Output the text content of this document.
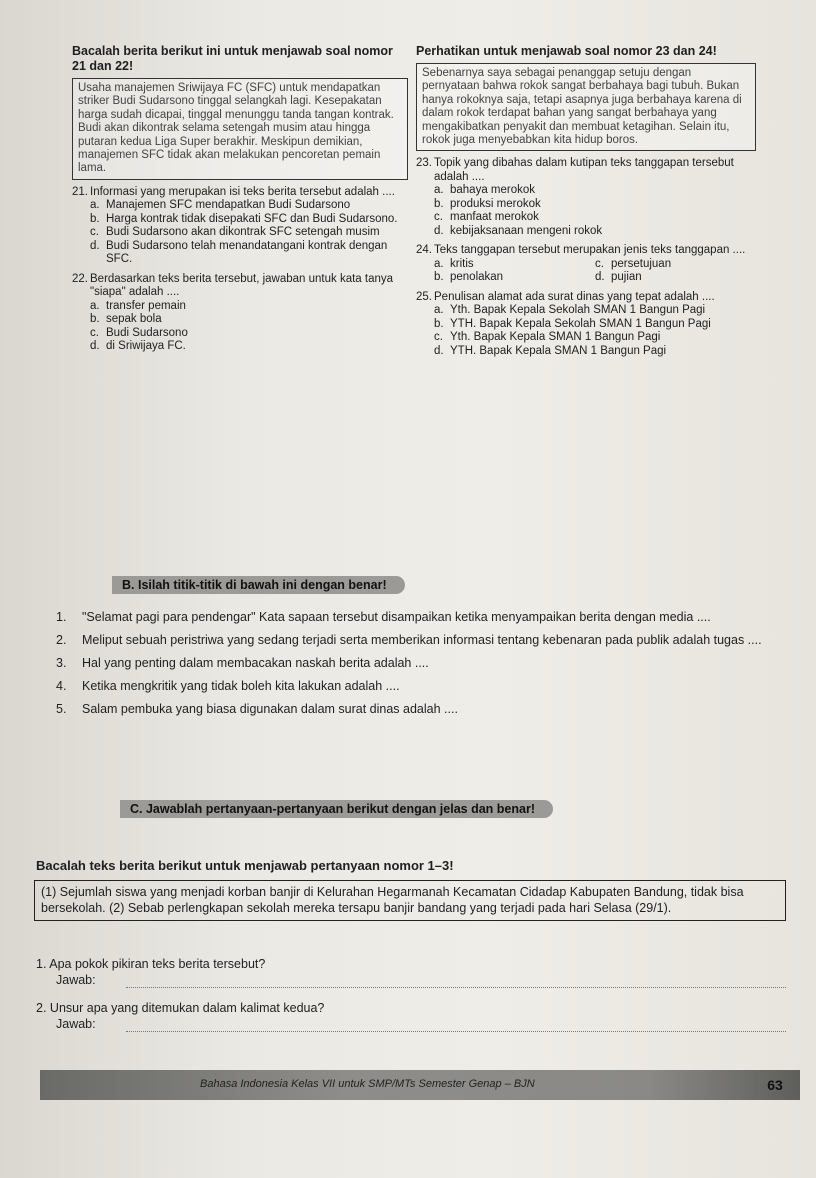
Bacalah berita berikut ini untuk menjawab soal nomor 21 dan 22!

Usaha manajemen Sriwijaya FC (SFC) untuk mendapatkan striker Budi Sudarsono tinggal selangkah lagi. Kesepakatan harga sudah dicapai, tinggal menunggu tanda tangan kontrak. Budi akan dikontrak selama setengah musim atau hingga putaran kedua Liga Super berakhir. Meskipun demikian, manajemen SFC tidak akan melakukan pencoretan pemain lama.
21. Informasi yang merupakan isi teks berita tersebut adalah ....
a. Manajemen SFC mendapatkan Budi Sudarsono
b. Harga kontrak tidak disepakati SFC dan Budi Sudarsono.
c. Budi Sudarsono akan dikontrak SFC setengah musim
d. Budi Sudarsono telah menandatangani kontrak dengan SFC.
22. Berdasarkan teks berita tersebut, jawaban untuk kata tanya "siapa" adalah ....
a. transfer pemain
b. sepak bola
c. Budi Sudarsono
d. di Sriwijaya FC.

Perhatikan untuk menjawab soal nomor 23 dan 24!

Sebenarnya saya sebagai penanggap setuju dengan pernyataan bahwa rokok sangat berbahaya bagi tubuh. Bukan hanya rokoknya saja, tetapi asapnya juga berbahaya karena di dalam rokok terdapat bahan yang sangat berbahaya yang mengakibatkan penyakit dan membuat ketagihan. Selain itu, rokok juga menyebabkan kita hidup boros.
23. Topik yang dibahas dalam kutipan teks tanggapan tersebut adalah ....
a. bahaya merokok
b. produksi merokok
c. manfaat merokok
d. kebijaksanaan mengeni rokok
24. Teks tanggapan tersebut merupakan jenis teks tanggapan ....
a. kritis	c. persetujuan
b. penolakan	d. pujian
25. Penulisan alamat ada surat dinas yang tepat adalah ....
a. Yth. Bapak Kepala Sekolah SMAN 1 Bangun Pagi
b. YTH. Bapak Kepala Sekolah SMAN 1 Bangun Pagi
c. Yth. Bapak Kepala SMAN 1 Bangun Pagi
d. YTH. Bapak Kepala SMAN 1 Bangun Pagi
B. Isilah titik-titik di bawah ini dengan benar!
1.	"Selamat pagi para pendengar" Kata sapaan tersebut disampaikan ketika menyampaikan berita dengan media ....
2.	Meliput sebuah peristriwa yang sedang terjadi serta memberikan informasi tentang kebenaran pada publik adalah tugas ....
3.	Hal yang penting dalam membacakan naskah berita adalah ....
4.	Ketika mengkritik yang tidak boleh kita lakukan adalah ....
5.	Salam pembuka yang biasa digunakan dalam surat dinas adalah ....
C. Jawablah pertanyaan-pertanyaan berikut dengan jelas dan benar!
Bacalah teks berita berikut untuk menjawab pertanyaan nomor 1–3!
(1) Sejumlah siswa yang menjadi korban banjir di Kelurahan Hegarmanah Kecamatan Cidadap Kabupaten Bandung, tidak bisa bersekolah. (2) Sebab perlengkapan sekolah mereka tersapu banjir bandang yang terjadi pada hari Selasa (29/1).
1. Apa pokok pikiran teks berita tersebut?
Jawab:
2. Unsur apa yang ditemukan dalam kalimat kedua?
Jawab:
Bahasa Indonesia Kelas VII untuk SMP/MTs Semester Genap – BJN	63
